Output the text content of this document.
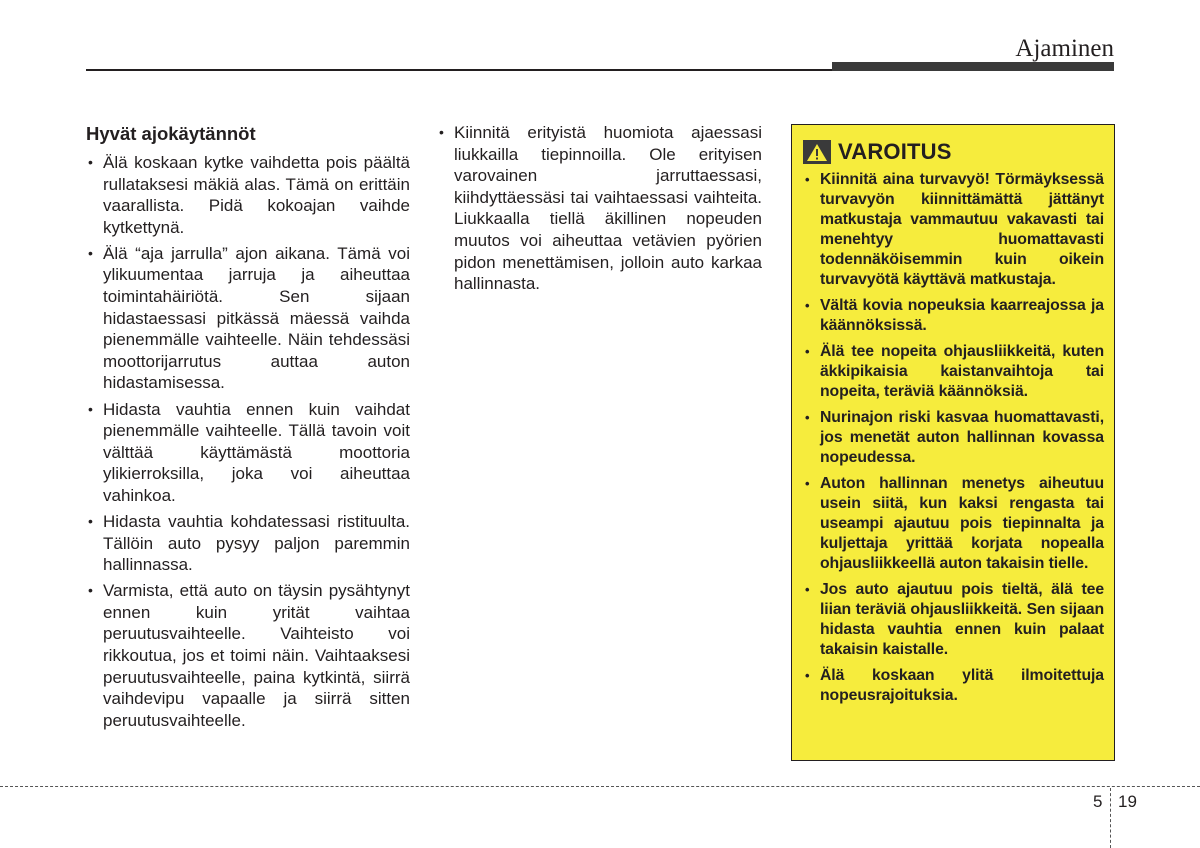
Ajaminen
Hyvät ajokäytännöt
• Älä koskaan kytke vaihdetta pois päältä rullataksesi mäkiä alas. Tämä on erittäin vaarallista. Pidä kokoajan vaihde kytkettynä.
• Älä “aja jarrulla” ajon aikana. Tämä voi ylikuumentaa jarruja ja aiheuttaa toimintahäiriötä. Sen sijaan hidastaessasi pitkässä mäessä vaihda pienemmälle vaihteelle. Näin tehdessäsi moottorijarrutus auttaa auton hidastamisessa.
• Hidasta vauhtia ennen kuin vaihdat pienemmälle vaihteelle. Tällä tavoin voit välttää käyttämästä moottoria ylikierroksilla, joka voi aiheuttaa vahinkoa.
• Hidasta vauhtia kohdatessasi ristituulta. Tällöin auto pysyy paljon paremmin hallinnassa.
• Varmista, että auto on täysin pysähtynyt ennen kuin yrität vaihtaa peruutusvaihteelle. Vaihteisto voi rikkoutua, jos et toimi näin. Vaihtaaksesi peruutusvaihteelle, paina kytkintä, siirrä vaihdevipu vapaalle ja siirrä sitten peruutusvaihteelle.
• Kiinnitä erityistä huomiota ajaessasi liukkailla tiepinnoilla. Ole erityisen varovainen jarruttaessasi, kiihdyttäessäsi tai vaihtaessasi vaihteita. Liukkaalla tiellä äkillinen nopeuden muutos voi aiheuttaa vetävien pyörien pidon menettämisen, jolloin auto karkaa hallinnasta.
VAROITUS
• Kiinnitä aina turvavyö! Törmäyksessä turvavyön kiinnittämättä jättänyt matkustaja vammautuu vakavasti tai menehtyy huomattavasti todennäköisemmin kuin oikein turvavyötä käyttävä matkustaja.
• Vältä kovia nopeuksia kaarreajossa ja käännöksissä.
• Älä tee nopeita ohjausliikkeitä, kuten äkkipikaisia kaistanvaihtoja tai nopeita, teräviä käännöksiä.
• Nurinajon riski kasvaa huomattavasti, jos menetät auton hallinnan kovassa nopeudessa.
• Auton hallinnan menetys aiheutuu usein siitä, kun kaksi rengasta tai useampi ajautuu pois tiepinnalta ja kuljettaja yrittää korjata nopealla ohjausliikkeellä auton takaisin tielle.
• Jos auto ajautuu pois tieltä, älä tee liian teräviä ohjausliikkeitä. Sen sijaan hidasta vauhtia ennen kuin palaat takaisin kaistalle.
• Älä koskaan ylitä ilmoitettuja nopeusrajoituksia.
5 19
